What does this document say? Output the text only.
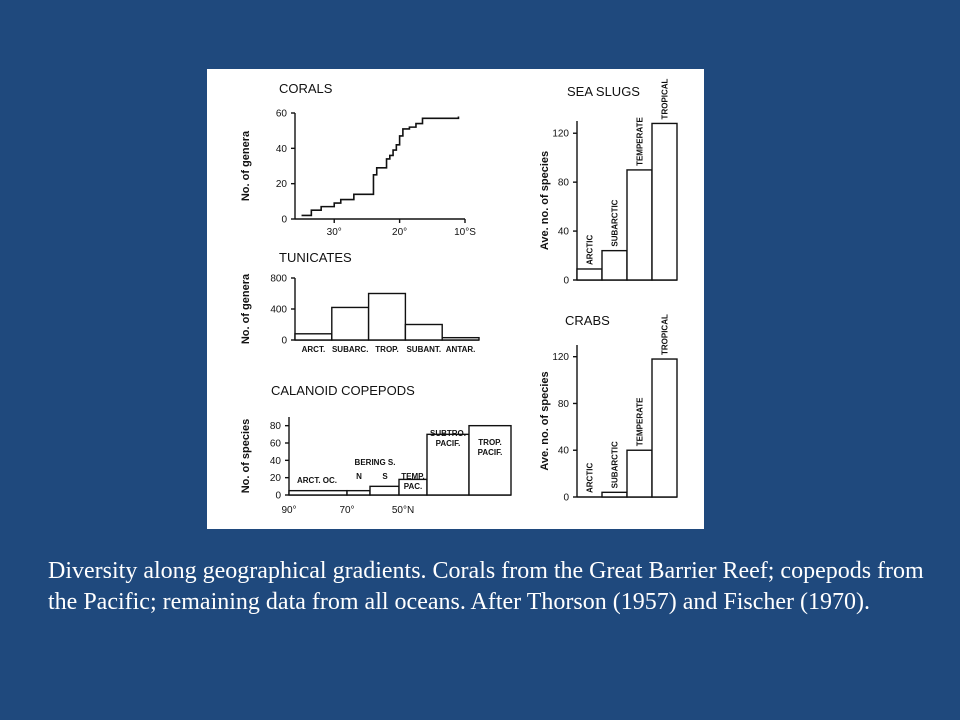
CORALS
0
20
40
60
No. of genera
30°	20°	10°S
TUNICATES
0
400
800
No. of genera
ARCT. SUBARC. TROP. SUBANT. ANTAR.
CALANOID COPEPODS
0
20
40
60
80
No. of species	ARCT. OC.
BERING S.
N	S TEMP.
PAC.
SUBTRO.
PACIF. TROP.
PACIF.
90°	70°	50°N
SEA SLUGS
0
40
80
120
Ave. no. of species	ARCTIC
SUBARCTIC
TEMPERATE
TROPICAL
CRABS
0
40
80
120
Ave. no. of species
ARCTIC SUBARCTIC
TEMPERATE
TROPICAL

Diversity along geographical gradients. Corals from the Great Barrier Reef; copepods from the Pacific; remaining data from all oceans. After Thorson (1957) and Fischer (1970).
